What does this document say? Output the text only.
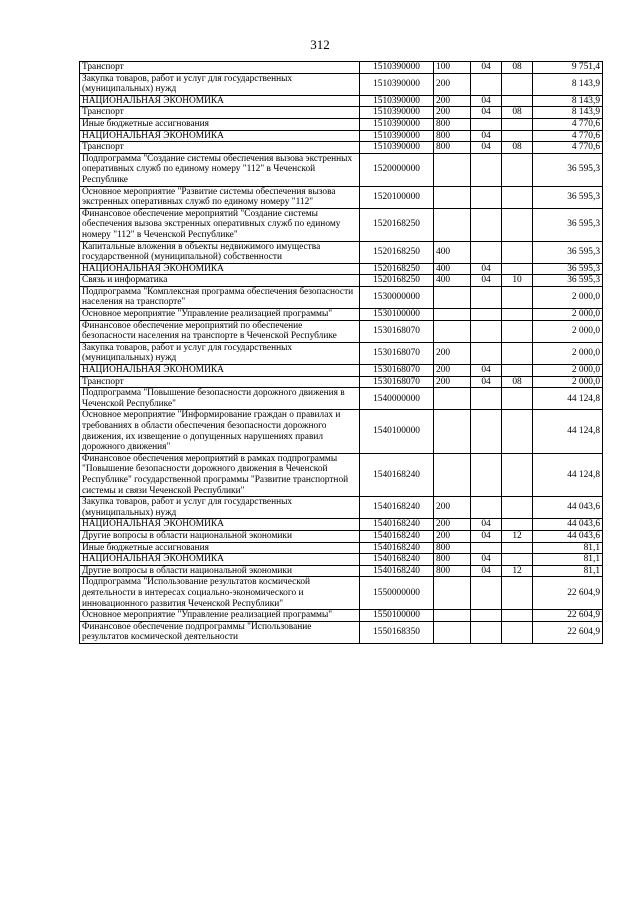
312
Транспорт	1510390000	100	04	08	9 751,4
Закупка товаров, работ и услуг для государственных (муниципальных) нужд	1510390000	200			8 143,9
НАЦИОНАЛЬНАЯ ЭКОНОМИКА	1510390000	200	04		8 143,9
Транспорт	1510390000	200	04	08	8 143,9
Иные бюджетные ассигнования	1510390000	800			4 770,6
НАЦИОНАЛЬНАЯ ЭКОНОМИКА	1510390000	800	04		4 770,6
Транспорт	1510390000	800	04	08	4 770,6
Подпрограмма "Создание системы обеспечения вызова экстренных оперативных служб по единому номеру "112" в Чеченской Республике	1520000000				36 595,3
Основное мероприятие "Развитие системы обеспечения вызова экстренных оперативных служб по единому номеру "112"	1520100000				36 595,3
Финансовое обеспечение мероприятий "Создание системы обеспечения вызова экстренных оперативных служб по единому номеру "112" в Чеченской Республике"	1520168250				36 595,3
Капитальные вложения в объекты недвижимого имущества государственной (муниципальной) собственности	1520168250	400			36 595,3
НАЦИОНАЛЬНАЯ ЭКОНОМИКА	1520168250	400	04		36 595,3
Связь и информатика	1520168250	400	04	10	36 595,3
Подпрограмма "Комплексная программа обеспечения безопасности населения на транспорте"	1530000000				2 000,0
Основное мероприятие "Управление реализацией программы"	1530100000				2 000,0
Финансовое обеспечение мероприятий по обеспечение безопасности населения на транспорте в Чеченской Республике	1530168070				2 000,0
Закупка товаров, работ и услуг для государственных (муниципальных) нужд	1530168070	200			2 000,0
НАЦИОНАЛЬНАЯ ЭКОНОМИКА	1530168070	200	04		2 000,0
Транспорт	1530168070	200	04	08	2 000,0
Подпрограмма "Повышение безопасности дорожного движения в Чеченской Республике"	1540000000				44 124,8
Основное мероприятие "Информирование граждан о правилах и требованиях в области обеспечения безопасности дорожного движения, их извещение о допущенных нарушениях правил дорожного движения"	1540100000				44 124,8
Финансовое обеспечения мероприятий в рамках подпрограммы "Повышение безопасности дорожного движения в Чеченской Республике" государственной программы "Развитие транспортной системы и связи Чеченской Республики"	1540168240				44 124,8
Закупка товаров, работ и услуг для государственных (муниципальных) нужд	1540168240	200			44 043,6
НАЦИОНАЛЬНАЯ ЭКОНОМИКА	1540168240	200	04		44 043,6
Другие вопросы в области национальной экономики	1540168240	200	04	12	44 043,6
Иные бюджетные ассигнования	1540168240	800			81,1
НАЦИОНАЛЬНАЯ ЭКОНОМИКА	1540168240	800	04		81,1
Другие вопросы в области национальной экономики	1540168240	800	04	12	81,1
Подпрограмма "Использование результатов космической деятельности в интересах социально-экономического и инновационного развития Чеченской Республики"	1550000000				22 604,9
Основное мероприятие "Управление реализацией программы"	1550100000				22 604,9
Финансовое обеспечение подпрограммы "Использование результатов космической деятельности	1550168350				22 604,9
